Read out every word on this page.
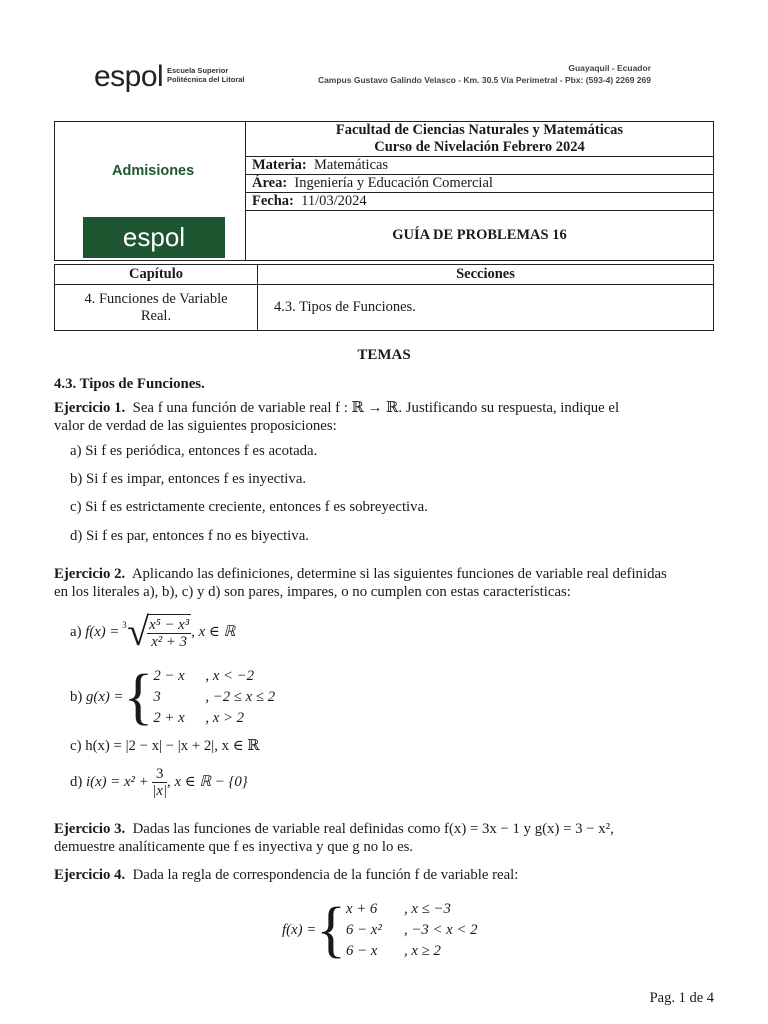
espol Escuela Superior
Politécnica del Litoral
Guayaquil - Ecuador
Campus Gustavo Galindo Velasco - Km. 30.5 Vía Perimetral - Pbx: (593-4) 2269 269
Admisiones
espol

Facultad de Ciencias Naturales y Matemáticas
Curso de Nivelación Febrero 2024

Materia: Matemáticas
Área: Ingeniería y Educación Comercial
Fecha: 11/03/2024
GUÍA DE PROBLEMAS 16
Capítulo	Secciones

4. Funciones de Variable
Real.	4.3. Tipos de Funciones.
TEMAS
4.3. Tipos de Funciones.
Ejercicio 1. Sea f una función de variable real f : ℝ → ℝ. Justificando su respuesta, indique el
valor de verdad de las siguientes proposiciones:
a) Si f es periódica, entonces f es acotada.
b) Si f es impar, entonces f es inyectiva.
c) Si f es estrictamente creciente, entonces f es sobreyectiva.
d) Si f es par, entonces f no es biyectiva.
Ejercicio 2. Aplicando las definiciones, determine si las siguientes funciones de variable real definidas
en los literales a), b), c) y d) son pares, impares, o no cumplen con estas características:
a)
f(x) =
3 √
$\frac{\text{x⁵ − x³}}{\text{x² + 3}}$ , x ∈ ℝ
b)
g(x) = { 2 − x	, x < −2
3	, −2 ≤ x ≤ 2
2 + x	, x > 2
c) h(x) = |2 − x| − |x + 2|, x ∈ ℝ
d)
i(x) = x² +
$\frac{3}{|x|}$ , x ∈ ℝ − {0}
Ejercicio 3. Dadas las funciones de variable real definidas como f(x) = 3x − 1 y g(x) = 3 − x²,
demuestre analíticamente que f es inyectiva y que g no lo es.
Ejercicio 4. Dada la regla de correspondencia de la función f de variable real:
f(x) = { x + 6	, x ≤ −3
6 − x²	, −3 < x < 2
6 − x	, x ≥ 2
Pag. 1 de 4
